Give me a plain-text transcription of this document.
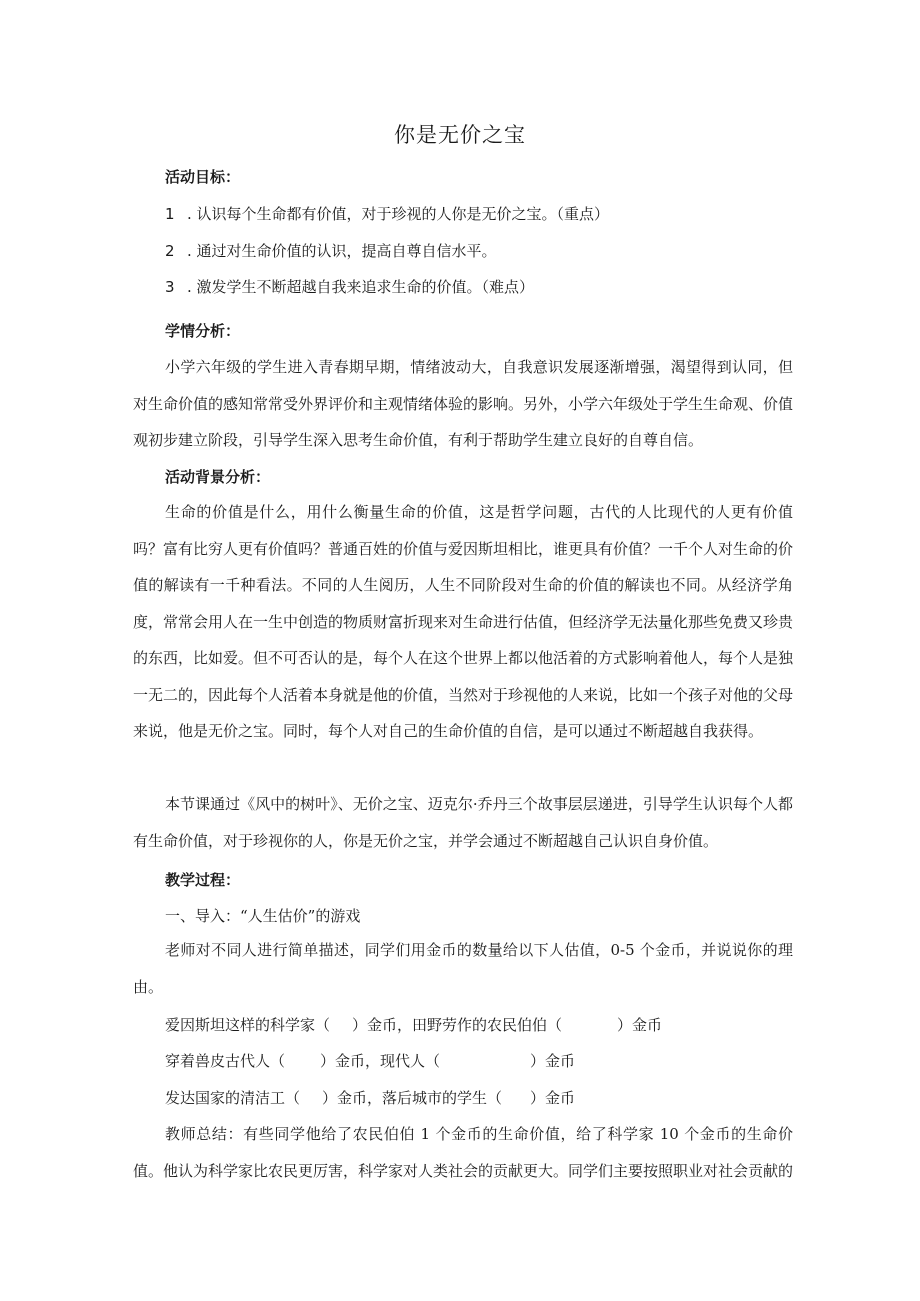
你是无价之宝
活动目标：
1 . 认识每个生命都有价值，对于珍视的人你是无价之宝。（重点）
2 . 通过对生命价值的认识，提高自尊自信水平。
3 . 激发学生不断超越自我来追求生命的价值。（难点）
学情分析：

小学六年级的学生进入青春期早期，情绪波动大，自我意识发展逐渐增强，渴望得到认同，但对生命价值的感知常常受外界评价和主观情绪体验的影响。另外，小学六年级处于学生生命观、价值观初步建立阶段，引导学生深入思考生命价值，有利于帮助学生建立良好的自尊自信。

活动背景分析：

生命的价值是什么，用什么衡量生命的价值，这是哲学问题，古代的人比现代的人更有价值吗？富有比穷人更有价值吗？普通百姓的价值与爱因斯坦相比，谁更具有价值？一千个人对生命的价值的解读有一千种看法。不同的人生阅历，人生不同阶段对生命的价值的解读也不同。从经济学角度，常常会用人在一生中创造的物质财富折现来对生命进行估值，但经济学无法量化那些免费又珍贵的东西，比如爱。但不可否认的是，每个人在这个世界上都以他活着的方式影响着他人，每个人是独一无二的，因此每个人活着本身就是他的价值，当然对于珍视他的人来说，比如一个孩子对他的父母来说，他是无价之宝。同时，每个人对自己的生命价值的自信，是可以通过不断超越自我获得。

本节课通过《风中的树叶》、无价之宝、迈克尔·乔丹三个故事层层递进，引导学生认识每个人都有生命价值，对于珍视你的人，你是无价之宝，并学会通过不断超越自己认识自身价值。

教学过程：
一、导入：“人生估价”的游戏

老师对不同人进行简单描述，同学们用金币的数量给以下人估值，0-5 个金币，并说说你的理由。

爱因斯坦这样的科学家（ ）金币，田野劳作的农民伯伯（	）金币
穿着兽皮古代人（ ）金币，现代人（	）金币
发达国家的清洁工（ ）金币，落后城市的学生（ ）金币

教师总结：有些同学他给了农民伯伯 1 个金币的生命价值，给了科学家 10 个金币的生命价值。他认为科学家比农民更厉害，科学家对人类社会的贡献更大。同学们主要按照职业对社会贡献的
